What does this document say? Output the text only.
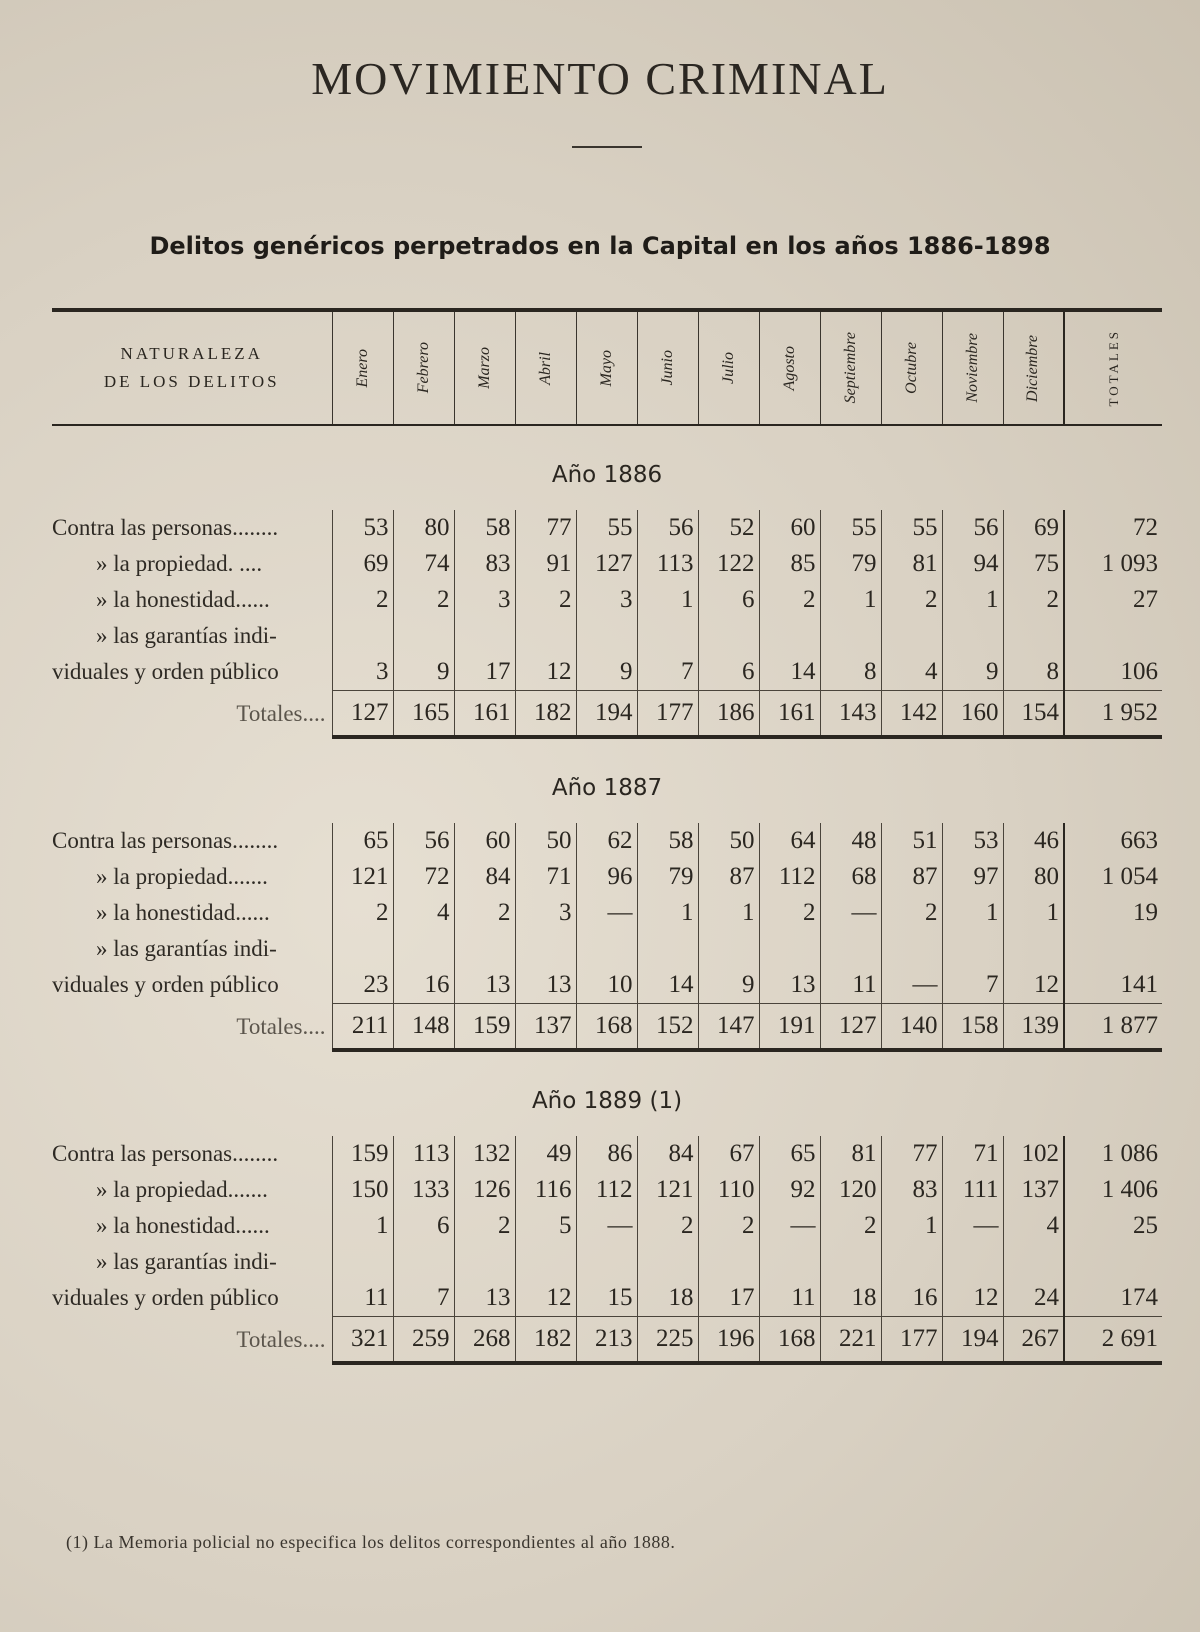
MOVIMIENTO CRIMINAL
Delitos genéricos perpetrados en la Capital en los años 1886-1898
NATURALEZA
DE LOS DELITOS	Enero	Febrero	Marzo	Abril	Mayo	Junio	Julio	Agosto	Septiembre	Octubre	Noviembre	Diciembre	TOTALES

Año 1886													
Contra las personas........	53	80	58	77	55	56	52	60	55	55	56	69	72
» la propiedad. ....	69	74	83	91	127	113	122	85	79	81	94	75	1 093
» la honestidad......	2	2	3	2	3	1	6	2	1	2	1	2	27
» las garantías indi-													
viduales y orden público	3	9	17	12	9	7	6	14	8	4	9	8	106
Totales....	127	165	161	182	194	177	186	161	143	142	160	154	1 952

Año 1887													
Contra las personas........	65	56	60	50	62	58	50	64	48	51	53	46	663
» la propiedad.......	121	72	84	71	96	79	87	112	68	87	97	80	1 054
» la honestidad......	2	4	2	3	—	1	1	2	—	2	1	1	19
» las garantías indi-													
viduales y orden público	23	16	13	13	10	14	9	13	11	—	7	12	141
Totales....	211	148	159	137	168	152	147	191	127	140	158	139	1 877

Año 1889 (1)													
Contra las personas........	159	113	132	49	86	84	67	65	81	77	71	102	1 086
» la propiedad.......	150	133	126	116	112	121	110	92	120	83	111	137	1 406
» la honestidad......	1	6	2	5	—	2	2	—	2	1	—	4	25
» las garantías indi-													
viduales y orden público	11	7	13	12	15	18	17	11	18	16	12	24	174
Totales....	321	259	268	182	213	225	196	168	221	177	194	267	2 691

(1) La Memoria policial no especifica los delitos correspondientes al año 1888.
